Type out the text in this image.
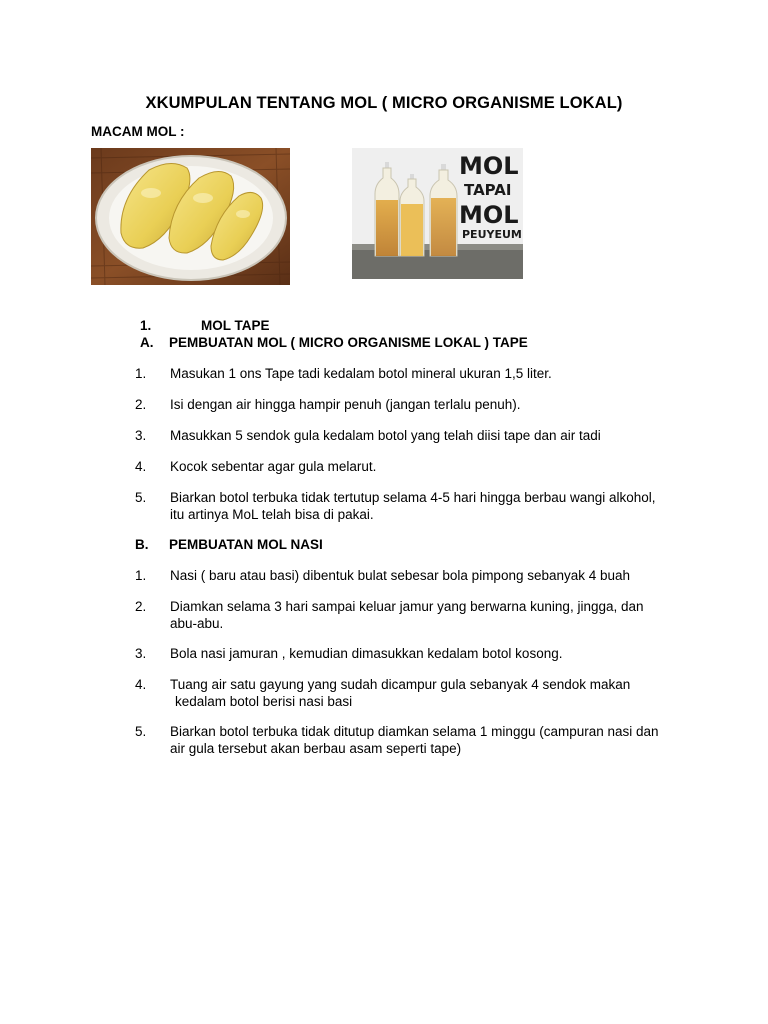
XKUMPULAN TENTANG MOL ( MICRO ORGANISME LOKAL)
MACAM MOL :
MOL
TAPAI
MOL
PEUYEUM
1.	MOL TAPE
A. PEMBUATAN MOL ( MICRO ORGANISME LOKAL ) TAPE
1. Masukan 1 ons Tape tadi kedalam botol mineral ukuran 1,5 liter.
2. Isi dengan air hingga hampir penuh (jangan terlalu penuh).
3. Masukkan 5 sendok gula kedalam botol yang telah diisi tape dan air tadi
4. Kocok sebentar agar gula melarut.
5. Biarkan botol terbuka tidak tertutup selama 4-5 hari hingga berbau wangi alkohol,
itu artinya MoL telah bisa di pakai.
B. PEMBUATAN MOL NASI
1. Nasi ( baru atau basi) dibentuk bulat sebesar bola pimpong sebanyak 4 buah
2. Diamkan selama 3 hari sampai keluar jamur yang berwarna kuning, jingga, dan
abu-abu.
3. Bola nasi jamuran , kemudian dimasukkan kedalam botol kosong.
4. Tuang air satu gayung yang sudah dicampur gula sebanyak 4 sendok makan
kedalam botol berisi nasi basi
5. Biarkan botol terbuka tidak ditutup diamkan selama 1 minggu (campuran nasi dan
air gula tersebut akan berbau asam seperti tape)
